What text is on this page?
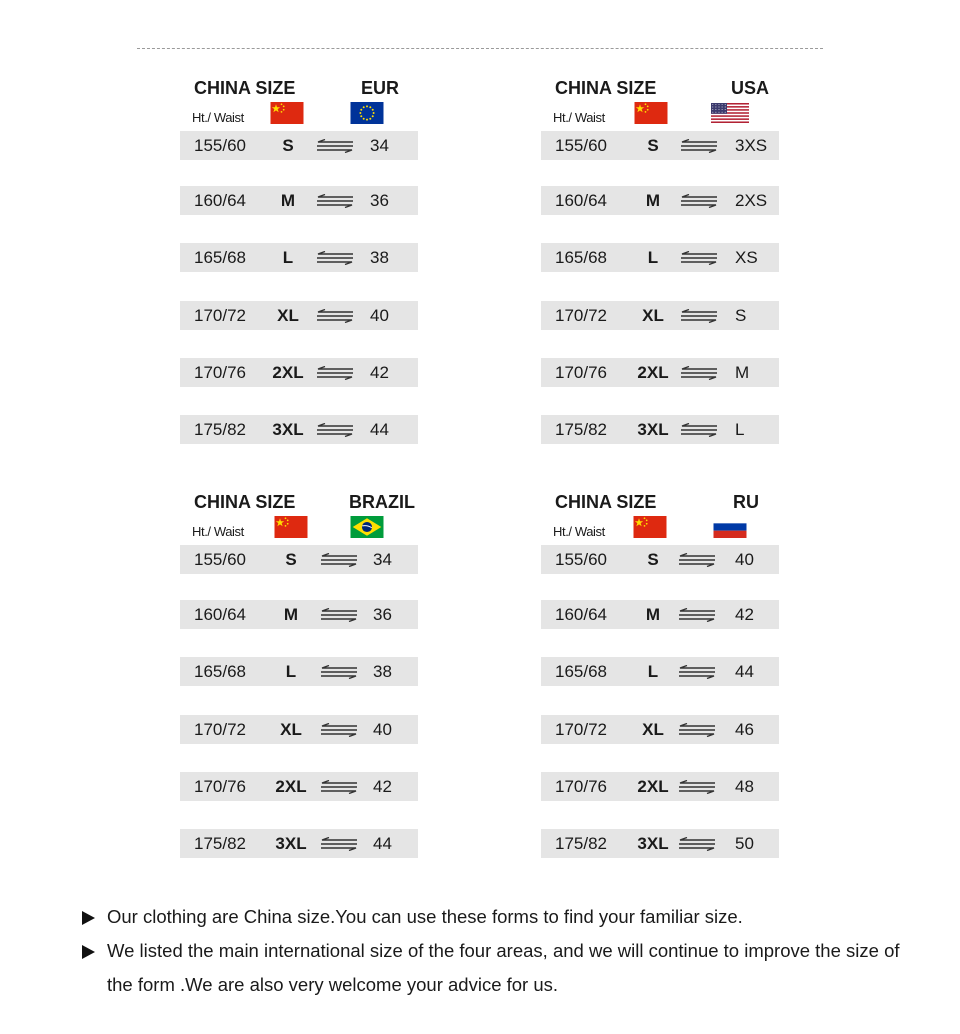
CHINA SIZE	EUR
Ht./ Waist
155/60 S	34
160/64 M	36
165/68 L	38
170/72 XL	40
170/76 2XL	42
175/82 3XL	44
CHINA SIZE	USA
Ht./ Waist
155/60 S	3XS
160/64 M	2XS
165/68 L	XS
170/72 XL	S
170/76 2XL	M
175/82 3XL	L
CHINA SIZE	BRAZIL
Ht./ Waist
155/60 S	34
160/64 M	36
165/68 L	38
170/72 XL	40
170/76 2XL	42
175/82 3XL	44
CHINA SIZE	RU
Ht./ Waist
155/60 S	40
160/64 M	42
165/68 L	44
170/72 XL	46
170/76 2XL	48
175/82 3XL	50
Our clothing are China size.You can use these forms to find your familiar size.
We listed the main international size of the four areas, and we will continue to improve the size of the form .We are also very welcome your advice for us.
